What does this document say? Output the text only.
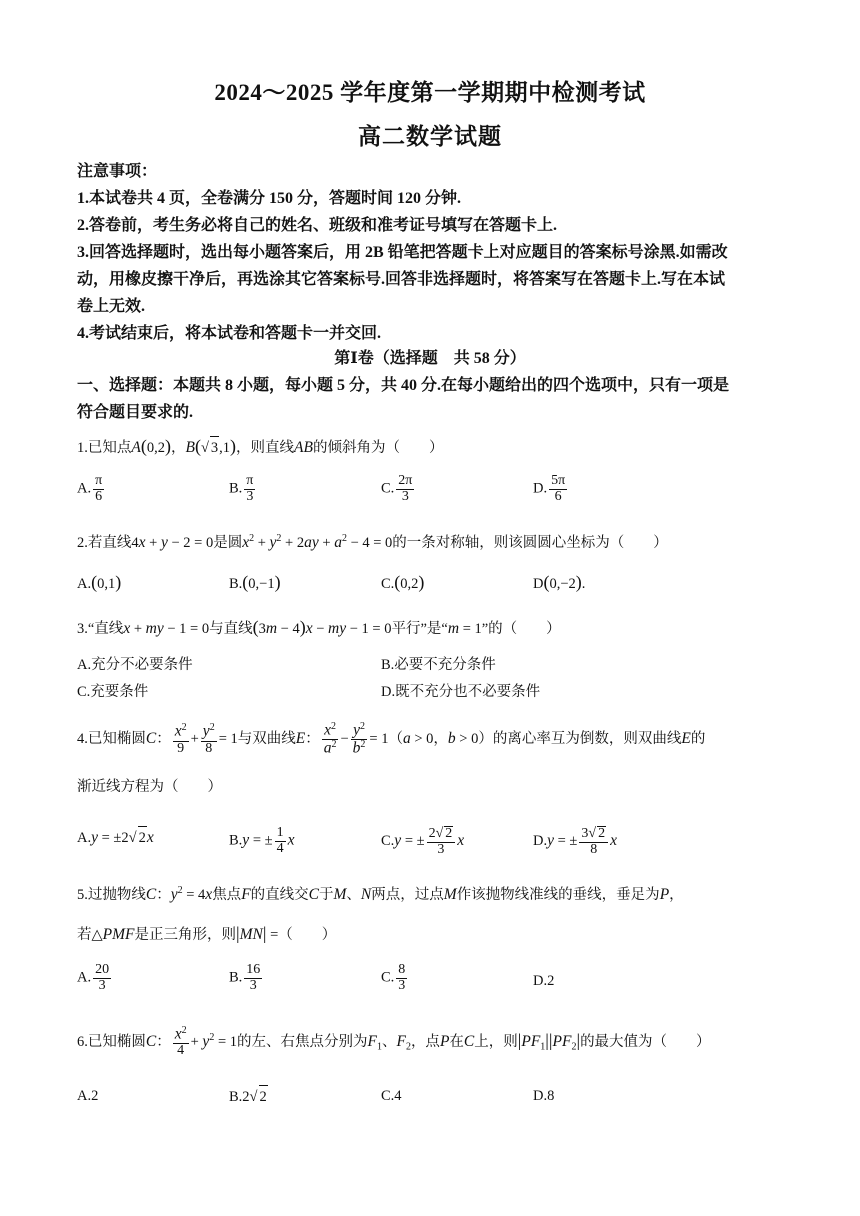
2024～2025 学年度第一学期期中检测考试
高二数学试题
注意事项：
1.本试卷共 4 页，全卷满分 150 分，答题时间 120 分钟.
2.答卷前，考生务必将自己的姓名、班级和准考证号填写在答题卡上.
3.回答选择题时，选出每小题答案后，用 2B 铅笔把答题卡上对应题目的答案标号涂黑.如需改
动，用橡皮擦干净后，再选涂其它答案标号.回答非选择题时，将答案写在答题卡上.写在本试
卷上无效.
4.考试结束后，将本试卷和答题卡一并交回.
第Ⅰ卷（选择题　共 58 分）
一、选择题：本题共 8 小题，每小题 5 分，共 40 分.在每小题给出的四个选项中，只有一项是
符合题目要求的.
1.已知点A(0,2)，B(√ 3,1)，则直线AB的倾斜角为（　　）
A. $\frac{\pi}{6}$	B. $\frac{\pi}{3}$	C. $\frac{2\pi}{3}$	D. $\frac{5\pi}{6}$
2.若直线4x + y − 2 = 0是圆$x^2 + y^2 + 2ay + a^2 - 4 = 0$的一条对称轴，则该圆圆心坐标为（　　）
A.(0,1)	B.(0,−1)	C.(0,2)	D(0,−2).
3.“直线x + my − 1 = 0与直线(3m − 4)x − my − 1 = 0平行”是“m = 1”的（　　）
A.充分不必要条件	B.必要不充分条件
C.充要条件	D.既不充分也不必要条件
4.已知椭圆C： $\frac{x^2}{9} + \frac{y^2}{8} = 1$与双曲线E： $\frac{x^2}{a^2} - \frac{y^2}{b^2} = 1(a > 0$，b > 0）的离心率互为倒数，则双曲线E的
渐近线方程为（　　）
A.y = ±2√ 2x	B.y = ± $\frac{1}{4}$ x	C.y = ± $\frac{2√ 2}{3}$ x	D.y = ± $\frac{3√ 2}{8}$ x
5.过抛物线C：$y^2 = 4x$焦点F的直线交C于M、N两点，过点M作该抛物线准线的垂线，垂足为P，
若△PMF是正三角形，则|MN| =（　　）
A. $\frac{20}{3}$	B. $\frac{16}{3}$	C. $\frac{8}{3}$	D.2
6.已知椭圆C： $\frac{x^2}{4} + y^2 = 1$的左、右焦点分别为$F_1$、$F_2$，点P在C上，则$|PF_1||PF_2|$的最大值为（　　）
A.2	B.2√ 2	C.4	D.8
